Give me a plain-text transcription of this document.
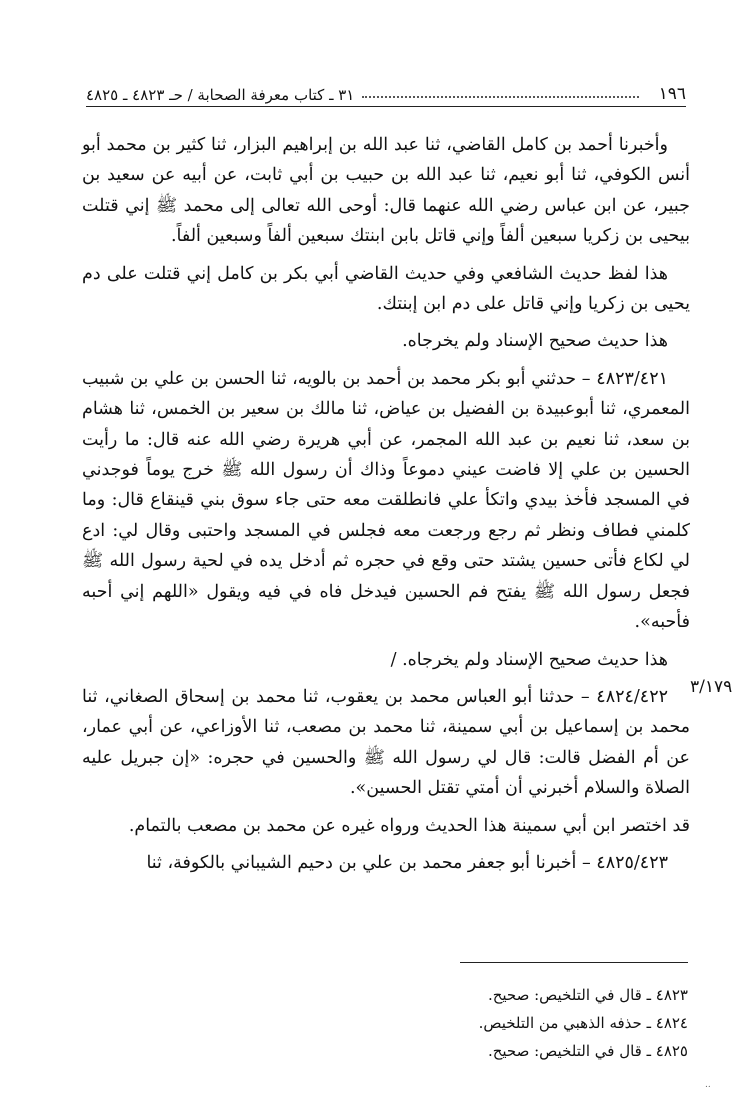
١٩٦
٣١ ـ كتاب معرفة الصحابة / حـ ٤٨٢٣ ـ ٤٨٢٥

وأخبرنا أحمد بن كامل القاضي، ثنا عبد الله بن إبراهيم البزار، ثنا كثير بن محمد أبو أنس الكوفي، ثنا أبو نعيم، ثنا عبد الله بن حبيب بن أبي ثابت، عن أبيه عن سعيد بن جبير، عن ابن عباس رضي الله عنهما قال: أوحى الله تعالى إلى محمد ﷺ إني قتلت بيحيى بن زكريا سبعين ألفاً وإني قاتل بابن ابنتك سبعين ألفاً وسبعين ألفاً.

هذا لفظ حديث الشافعي وفي حديث القاضي أبي بكر بن كامل إني قتلت على دم يحيى بن زكريا وإني قاتل على دم ابن إبنتك.

هذا حديث صحيح الإسناد ولم يخرجاه.

٤٨٢٣/٤٢١ – حدثني أبو بكر محمد بن أحمد بن بالويه، ثنا الحسن بن علي بن شبيب المعمري، ثنا أبوعبيدة بن الفضيل بن عياض، ثنا مالك بن سعير بن الخمس، ثنا هشام بن سعد، ثنا نعيم بن عبد الله المجمر، عن أبي هريرة رضي الله عنه قال: ما رأيت الحسين بن علي إلا فاضت عيني دموعاً وذاك أن رسول الله ﷺ خرج يوماً فوجدني في المسجد فأخذ بيدي واتكأ علي فانطلقت معه حتى جاء سوق بني قينقاع قال: وما كلمني فطاف ونظر ثم رجع ورجعت معه فجلس في المسجد واحتبى وقال لي: ادع لي لكاع فأتى حسين يشتد حتى وقع في حجره ثم أدخل يده في لحية رسول الله ﷺ فجعل رسول الله ﷺ يفتح فم الحسين فيدخل فاه في فيه ويقول «اللهم إني أحبه فأحبه».

هذا حديث صحيح الإسناد ولم يخرجاه. /

٤٨٢٤/٤٢٢ – حدثنا أبو العباس محمد بن يعقوب، ثنا محمد بن إسحاق الصغاني، ثنا محمد بن إسماعيل بن أبي سمينة، ثنا محمد بن مصعب، ثنا الأوزاعي، عن أبي عمار، عن أم الفضل قالت: قال لي رسول الله ﷺ والحسين في حجره: «إن جبريل عليه الصلاة والسلام أخبرني أن أمتي تقتل الحسين».

قد اختصر ابن أبي سمينة هذا الحديث ورواه غيره عن محمد بن مصعب بالتمام.

٤٨٢٥/٤٢٣ – أخبرنا أبو جعفر محمد بن علي بن دحيم الشيباني بالكوفة، ثنا

٣/١٧٩
٤٨٢٣ ـ قال في التلخيص: صحيح.
٤٨٢٤ ـ حذفه الذهبي من التلخيص.
٤٨٢٥ ـ قال في التلخيص: صحيح.
..
